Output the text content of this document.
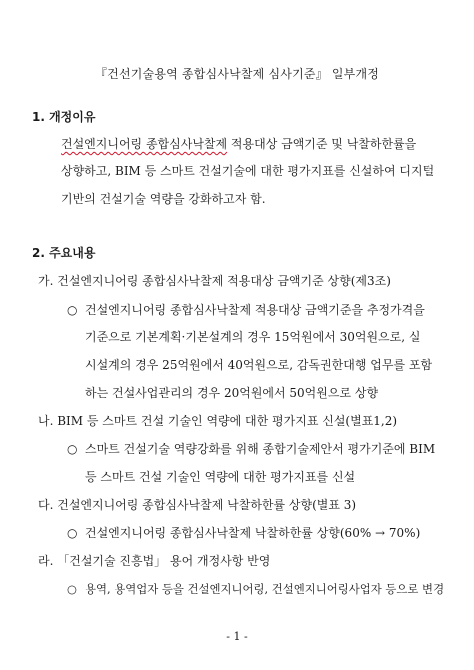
『건선기술용역 종합심사낙찰제 심사기준』 일부개정
1. 개정이유
건설엔지니어링 종합심사낙찰제 적용대상 금액기준 및 낙찰하한률을
상향하고, BIM 등 스마트 건설기술에 대한 평가지표를 신설하여 디지털
기반의 건설기술 역량을 강화하고자 함.
2. 주요내용
가. 건설엔지니어링 종합심사낙찰제 적용대상 금액기준 상향(제3조)
○ 건설엔지니어링 종합심사낙찰제 적용대상 금액기준을 추정가격을
기준으로 기본계획·기본설계의 경우 15억원에서 30억원으로, 실
시설계의 경우 25억원에서 40억원으로, 감독권한대행 업무를 포함
하는 건설사업관리의 경우 20억원에서 50억원으로 상향
나. BIM 등 스마트 건설 기술인 역량에 대한 평가지표 신설(별표1,2)
○ 스마트 건설기술 역량강화를 위해 종합기술제안서 평가기준에 BIM
등 스마트 건설 기술인 역량에 대한 평가지표를 신설
다. 건설엔지니어링 종합심사낙찰제 낙찰하한률 상향(별표 3)
○ 건설엔지니어링 종합심사낙찰제 낙찰하한률 상향(60% → 70%)
라. 「건설기술 진흥법」 용어 개정사항 반영
○ 용역, 용역업자 등을 건설엔지니어링, 건설엔지니어링사업자 등으로 변경
- 1 -
